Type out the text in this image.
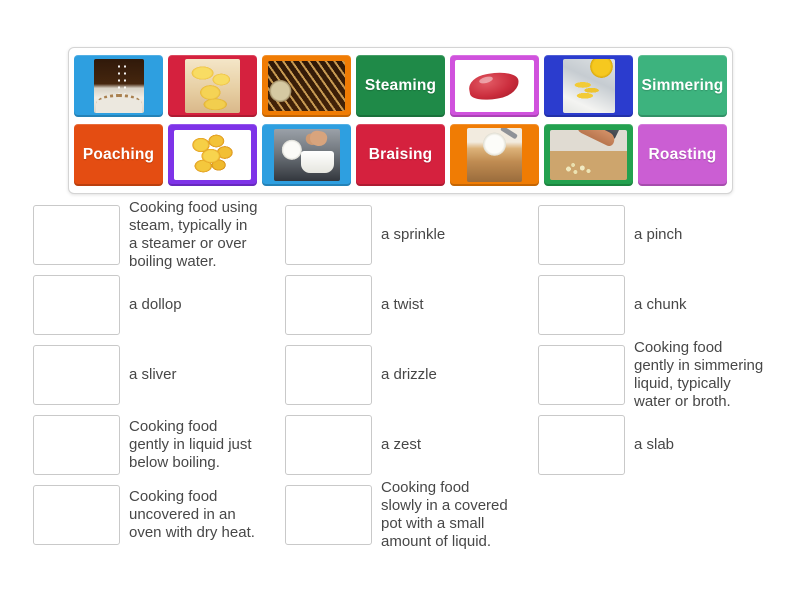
Steaming	Simmering
Poaching	Braising	Roasting
Cooking food using steam, typically in a steamer or over boiling water.
a dollop
a sliver
Cooking food gently in liquid just below boiling.
Cooking food uncovered in an oven with dry heat.
a sprinkle
a twist
a drizzle
a zest
Cooking food slowly in a covered pot with a small amount of liquid.
a pinch
a chunk
Cooking food gently in simmering liquid, typically water or broth.
a slab
